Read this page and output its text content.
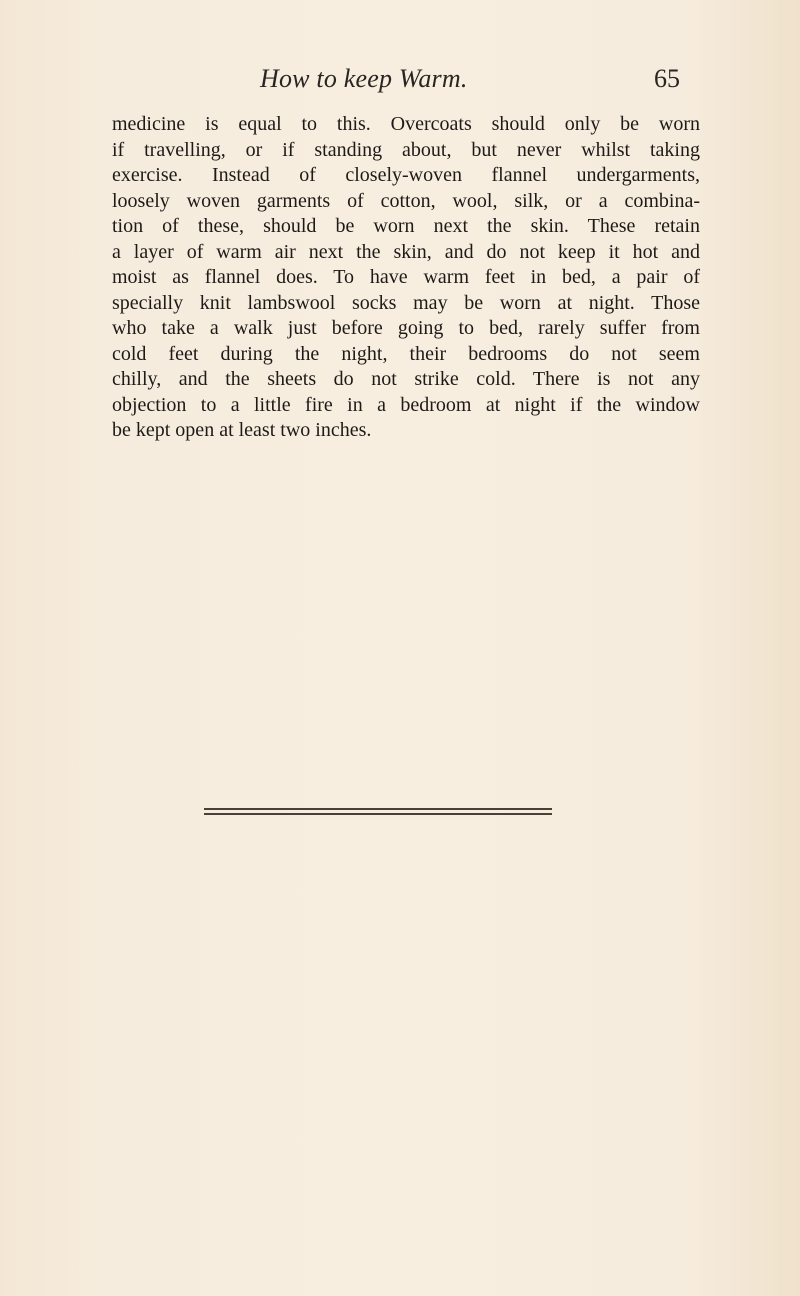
How to keep Warm.	65
medicine is equal to this. Overcoats should only be worn
if travelling, or if standing about, but never whilst taking
exercise. Instead of closely-woven flannel undergarments,
loosely woven garments of cotton, wool, silk, or a combina-
tion of these, should be worn next the skin. These retain
a layer of warm air next the skin, and do not keep it hot and
moist as flannel does. To have warm feet in bed, a pair of
specially knit lambswool socks may be worn at night. Those
who take a walk just before going to bed, rarely suffer from
cold feet during the night, their bedrooms do not seem
chilly, and the sheets do not strike cold. There is not any
objection to a little fire in a bedroom at night if the window
be kept open at least two inches.
